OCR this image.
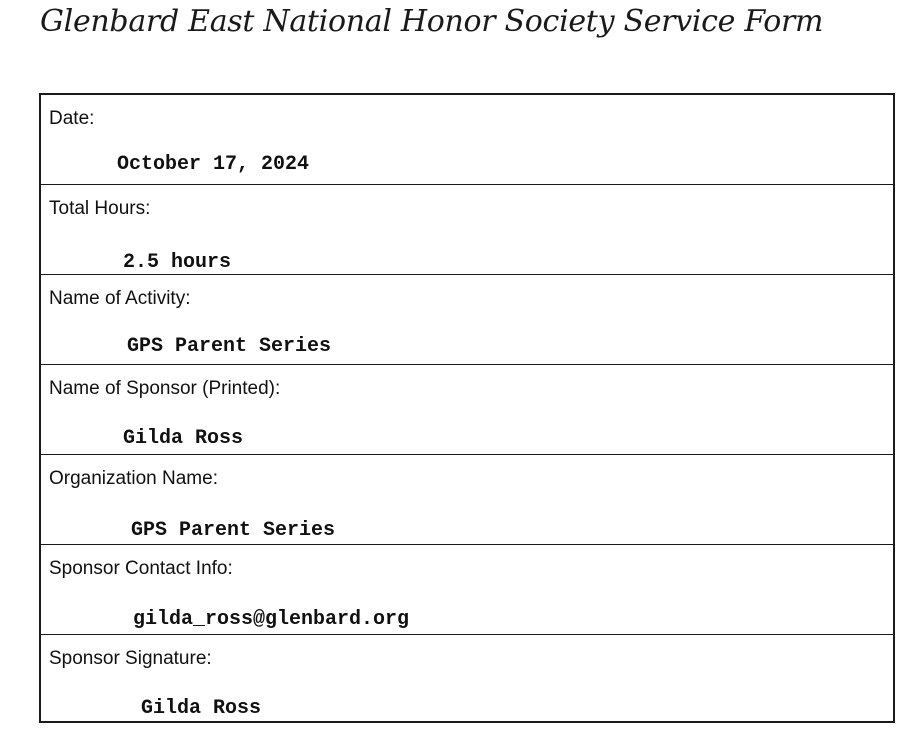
Glenbard East National Honor Society Service Form
Date:
October 17, 2024
Total Hours:
2.5 hours
Name of Activity:
GPS Parent Series
Name of Sponsor (Printed):
Gilda Ross
Organization Name:
GPS Parent Series
Sponsor Contact Info:
gilda_ross@glenbard.org
Sponsor Signature:
Gilda Ross
